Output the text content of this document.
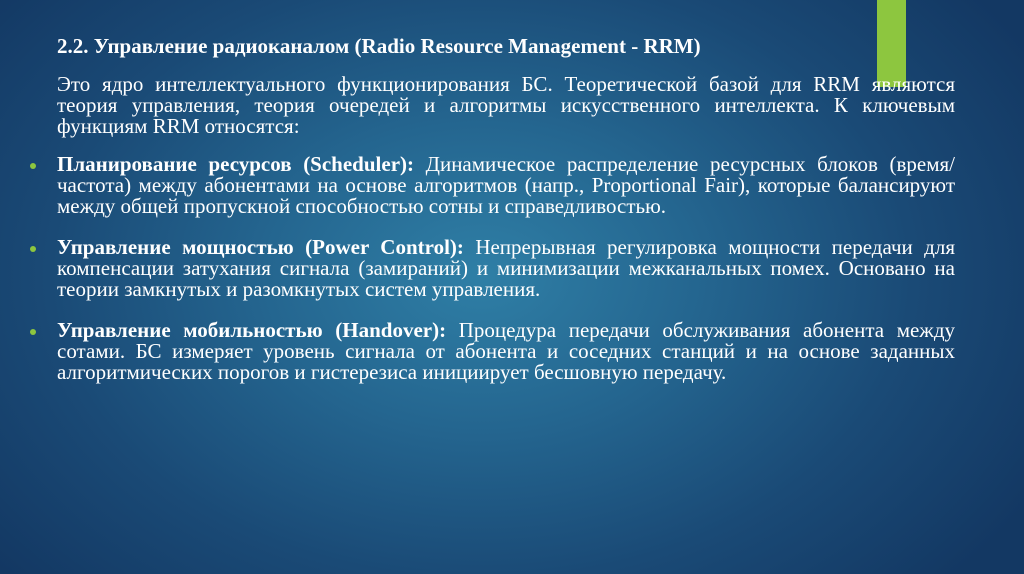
2.2. Управление радиоканалом (Radio Resource Management - RRM)
Это ядро интеллектуального функционирования БС. Теоретической базой для RRM являются теория управления, теория очередей и алгоритмы искусственного интеллекта. К ключевым функциям RRM относятся:
Планирование ресурсов (Scheduler): Динамическое распределение ресурсных блоков (время/частота) между абонентами на основе алгоритмов (напр., Proportional Fair), которые балансируют между общей пропускной способностью сотны и справедливостью.
Управление мощностью (Power Control): Непрерывная регулировка мощности передачи для компенсации затухания сигнала (замираний) и минимизации межканальных помех. Основано на теории замкнутых и разомкнутых систем управления.
Управление мобильностью (Handover): Процедура передачи обслуживания абонента между сотами. БС измеряет уровень сигнала от абонента и соседних станций и на основе заданных алгоритмических порогов и гистерезиса инициирует бесшовную передачу.
